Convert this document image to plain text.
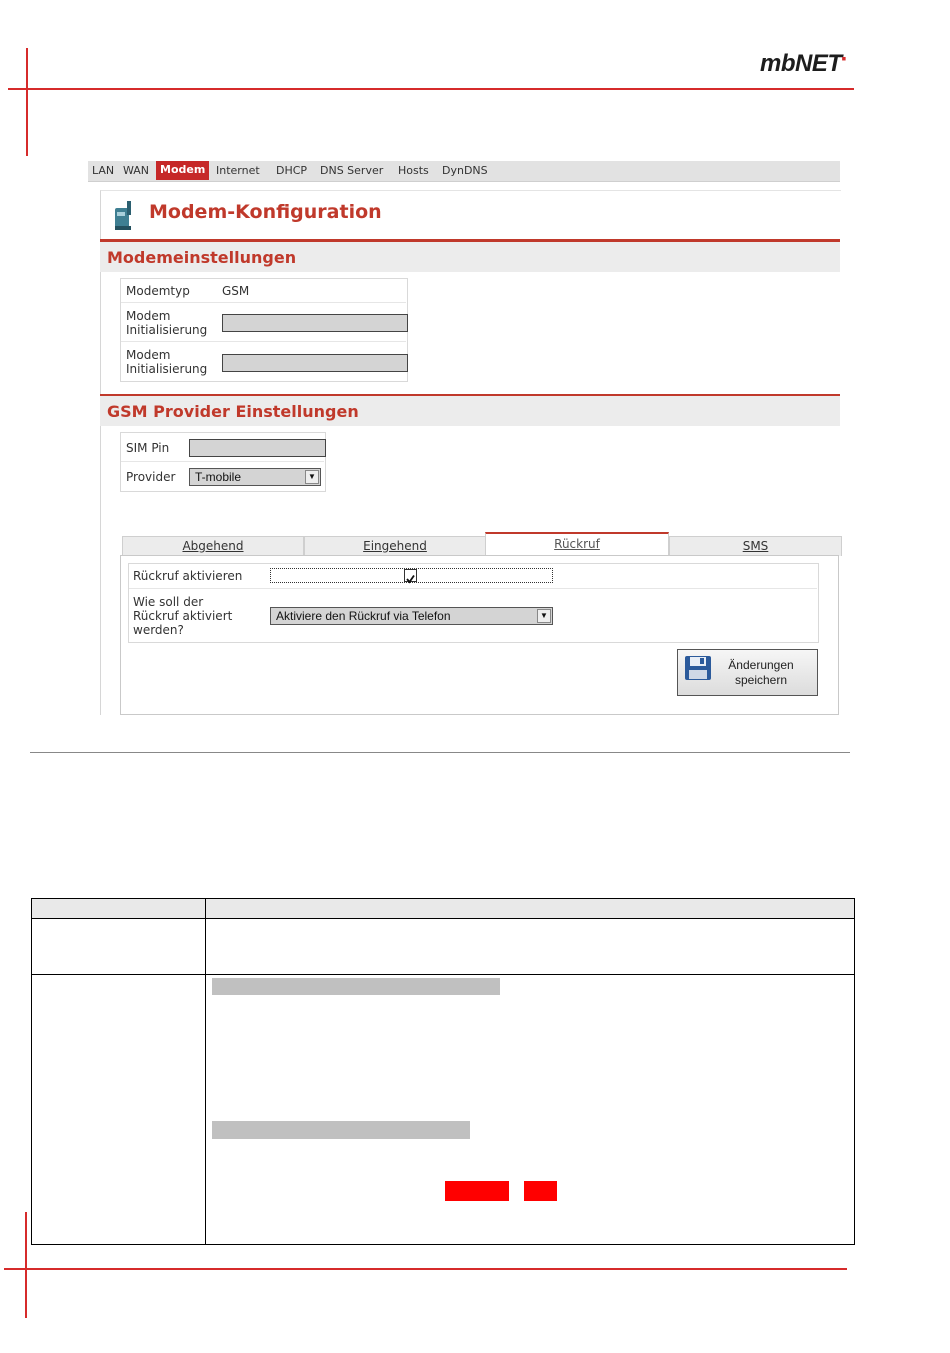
mbNET▪
LAN WAN Modem Internet DHCP DNS Server Hosts DynDNS
Modem-Konfiguration
Modemeinstellungen
Modemtyp	GSM
Modem
Initialisierung
Modem
Initialisierung
GSM Provider Einstellungen
SIM Pin
Provider T-mobile	▼
Abgehend	Eingehend	Rückruf	SMS
Rückruf aktivieren
Wie soll der
Rückruf aktiviert
werden?
Aktiviere den Rückruf via Telefon	▼
Änderungen
speichern
